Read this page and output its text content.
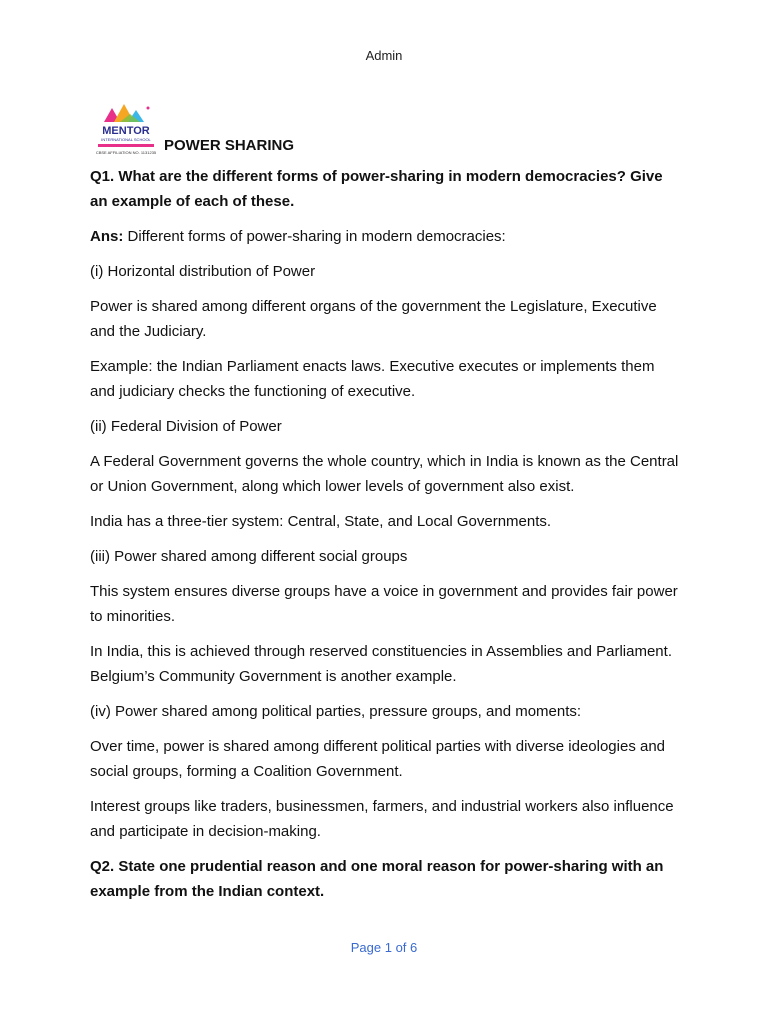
Admin
MENTOR
INTERNATIONAL SCHOOL
CBSE AFFILIATION NO. 1131235 POWER SHARING

Q1. What are the different forms of power-sharing in modern democracies? Give an example of each of these.

Ans: Different forms of power-sharing in modern democracies:

(i) Horizontal distribution of Power

Power is shared among different organs of the government the Legislature, Executive and the Judiciary.

Example: the Indian Parliament enacts laws. Executive executes or implements them and judiciary checks the functioning of executive.

(ii) Federal Division of Power

A Federal Government governs the whole country, which in India is known as the Central or Union Government, along which lower levels of government also exist.

India has a three-tier system: Central, State, and Local Governments.

(iii) Power shared among different social groups

This system ensures diverse groups have a voice in government and provides fair power to minorities.

In India, this is achieved through reserved constituencies in Assemblies and Parliament. Belgium’s Community Government is another example.

(iv) Power shared among political parties, pressure groups, and moments:

Over time, power is shared among different political parties with diverse ideologies and social groups, forming a Coalition Government.

Interest groups like traders, businessmen, farmers, and industrial workers also influence and participate in decision-making.

Q2. State one prudential reason and one moral reason for power-sharing with an example from the Indian context.

Page 1 of 6
